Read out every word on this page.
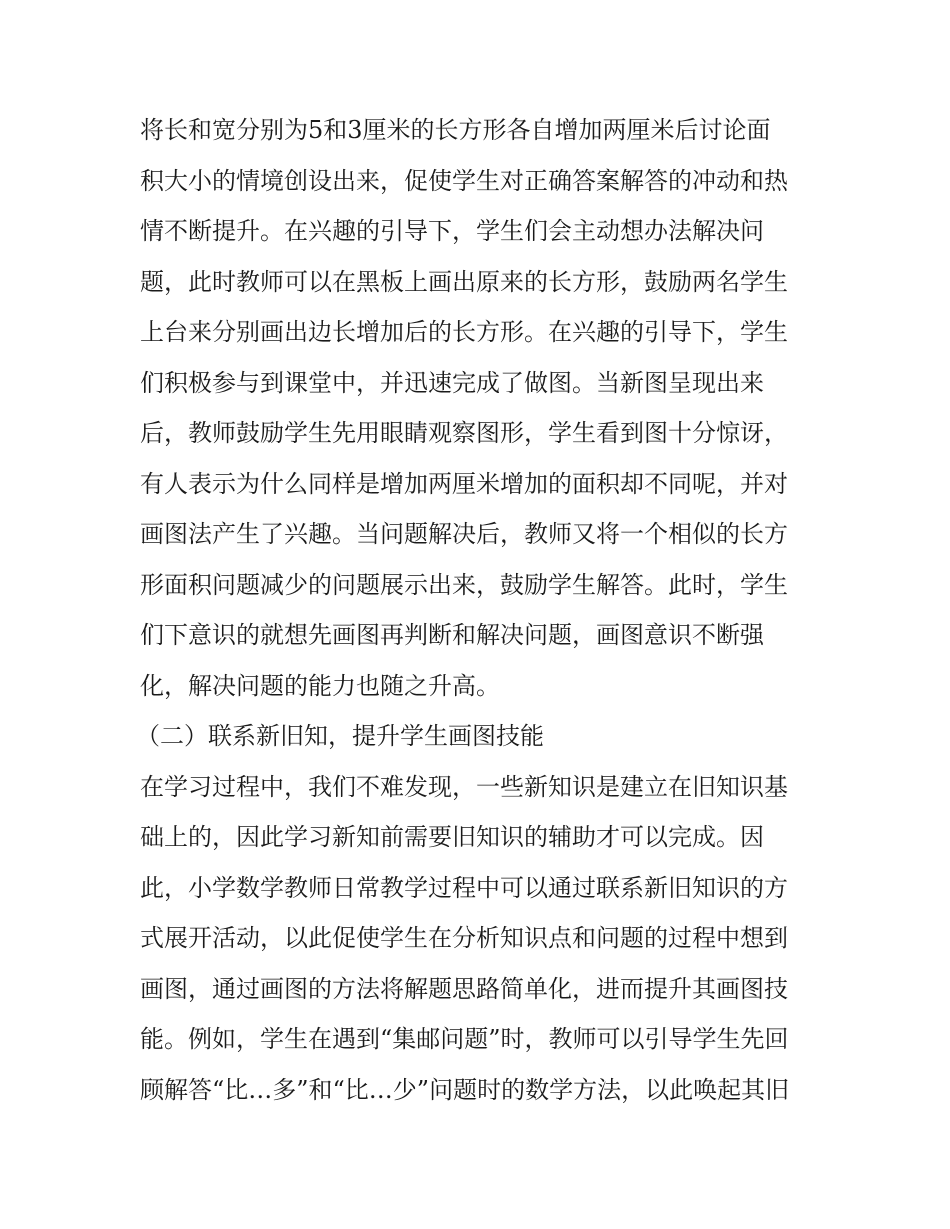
将长和宽分别为5和3厘米的长方形各自增加两厘米后讨论面
积大小的情境创设出来，促使学生对正确答案解答的冲动和热
情不断提升。在兴趣的引导下，学生们会主动想办法解决问
题，此时教师可以在黑板上画出原来的长方形，鼓励两名学生
上台来分别画出边长增加后的长方形。在兴趣的引导下，学生
们积极参与到课堂中，并迅速完成了做图。当新图呈现出来
后，教师鼓励学生先用眼睛观察图形，学生看到图十分惊讶，
有人表示为什么同样是增加两厘米增加的面积却不同呢，并对
画图法产生了兴趣。当问题解决后，教师又将一个相似的长方
形面积问题减少的问题展示出来，鼓励学生解答。此时，学生
们下意识的就想先画图再判断和解决问题，画图意识不断强
化，解决问题的能力也随之升高。
（二）联系新旧知，提升学生画图技能
在学习过程中，我们不难发现，一些新知识是建立在旧知识基
础上的，因此学习新知前需要旧知识的辅助才可以完成。因
此，小学数学教师日常教学过程中可以通过联系新旧知识的方
式展开活动，以此促使学生在分析知识点和问题的过程中想到
画图，通过画图的方法将解题思路简单化，进而提升其画图技
能。例如，学生在遇到“集邮问题”时，教师可以引导学生先回
顾解答“比…多”和“比…少”问题时的数学方法，以此唤起其旧
